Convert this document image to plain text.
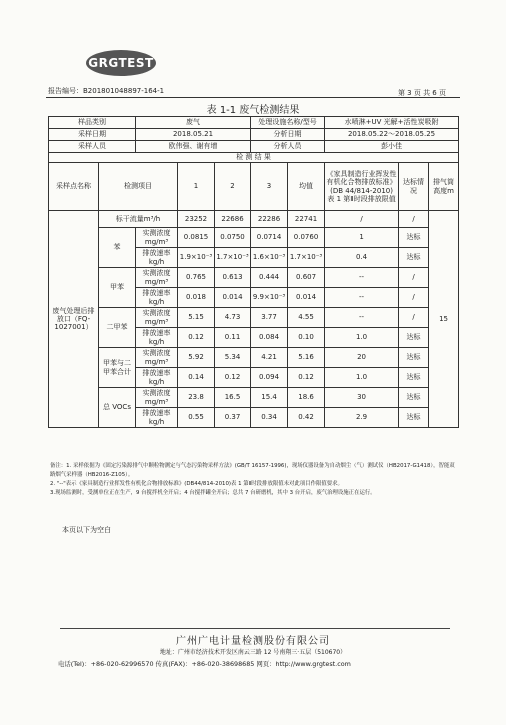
GRGTEST
报告编号：B201801048897-164-1	第 3 页 共 6 页
表 1-1 废气检测结果
样品类别		废气			处理设施名称/型号		水喷淋+UV 光解+活性炭吸附		
采样日期		2018.05.21			分析日期		2018.05.22～2018.05.25		
采样人员		欧伟强、谢有增			分析人员		彭小佳		
检 测 结 果									
采样点名称	检测项目		1	2	3	均值	《家具制造行业挥发性有机化合物排放标准》(DB 44/814-2010) 表 1 第Ⅱ时段排放限值	达标情况	排气筒高度m
废气处理后排放口（FQ-1027001）	标干流量m³/h		23252	22686	22286	22741	/	/	15
	苯	实测浓度mg/m³	0.0815	0.0750	0.0714	0.0760	1	达标	
		排放速率kg/h	1.9×10⁻³	1.7×10⁻³	1.6×10⁻³	1.7×10⁻³	0.4	达标	
	甲苯	实测浓度mg/m³	0.765	0.613	0.444	0.607	--	/	
		排放速率kg/h	0.018	0.014	9.9×10⁻³	0.014	--	/	
	二甲苯	实测浓度mg/m³	5.15	4.73	3.77	4.55	--	/	
		排放速率kg/h	0.12	0.11	0.084	0.10	1.0	达标	
	甲苯与二甲苯合计	实测浓度mg/m³	5.92	5.34	4.21	5.16	20	达标	
		排放速率kg/h	0.14	0.12	0.094	0.12	1.0	达标	
	总 VOCs	实测浓度mg/m³	23.8	16.5	15.4	18.6	30	达标	
		排放速率kg/h	0.55	0.37	0.34	0.42	2.9	达标	

备注：1. 采样依据为《固定污染源排气中颗粒物测定与气态污染物采样方法》(GB/T 16157-1996)，现场仪器设备为自动烟尘（气）测试仪（HB2017-G1418），智能双路烟气采样器（HB2016-Z105）。

2. "--"表示《家具制造行业挥发性有机化合物排放标准》(DB44/814-2010)表 1 第Ⅱ时段排放限值未对此项目作限值要求。

3.现场监测时，受测单位正在生产，9 台搅拌机全开启；4 台搅拌罐全开启；总共 7 台研磨机，其中 3 台开启，废气治理设施正在运行。

本页以下为空白
广州广电计量检测股份有限公司
地址：广州市经济技术开发区南云三路 12 号南翔三·五层（510670）
电话(Tel)：+86-020-62996570 传真(FAX)：+86-020-38698685 网页：http://www.grgtest.com
